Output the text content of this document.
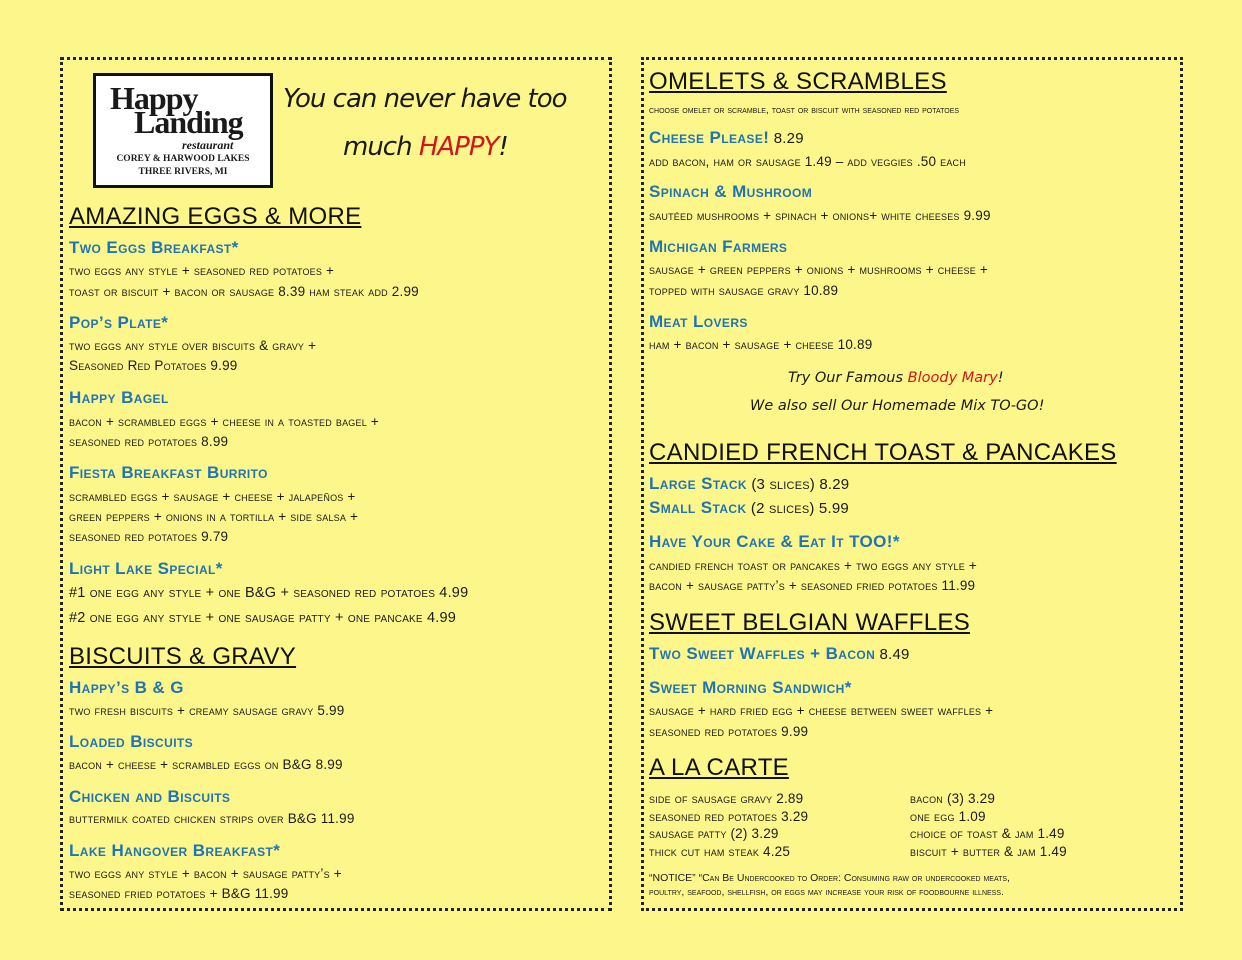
Happy
Landing
restaurant
COREY & HARWOOD LAKES
THREE RIVERS, MI
You can never have too
much HAPPY!
AMAZING EGGS & MORE
Two Eggs Breakfast*
two eggs any style + seasoned red potatoes +
toast or biscuit + bacon or sausage 8.39 ham steak add 2.99
Pop’s Plate*
two eggs any style over biscuits & gravy +
Seasoned Red Potatoes 9.99
Happy Bagel
bacon + scrambled eggs + cheese in a toasted bagel +
seasoned red potatoes 8.99
Fiesta Breakfast Burrito
scrambled eggs + sausage + cheese + jalapeños +
green peppers + onions in a tortilla + side salsa +
seasoned red potatoes 9.79
Light Lake Special*
#1 one egg any style + one B&G + seasoned red potatoes 4.99
#2 one egg any style + one sausage patty + one pancake 4.99
BISCUITS & GRAVY
Happy’s B & G
two fresh biscuits + creamy sausage gravy 5.99
Loaded Biscuits
bacon + cheese + scrambled eggs on B&G 8.99
Chicken and Biscuits
buttermilk coated chicken strips over B&G 11.99
Lake Hangover Breakfast*
two eggs any style + bacon + sausage patty’s +
seasoned fried potatoes + B&G 11.99
OMELETS & SCRAMBLES
choose omelet or scramble, toast or biscuit with seasoned red potatoes
Cheese Please! 8.29
add bacon, ham or sausage 1.49 – add veggies .50 each
Spinach & Mushroom
sautéed mushrooms + spinach + onions+ white cheeses 9.99
Michigan Farmers
sausage + green peppers + onions + mushrooms + cheese +
topped with sausage gravy 10.89
Meat Lovers
ham + bacon + sausage + cheese 10.89
Try Our Famous Bloody Mary!
We also sell Our Homemade Mix TO-GO!
CANDIED FRENCH TOAST & PANCAKES
Large Stack (3 slices) 8.29
Small Stack (2 slices) 5.99
Have Your Cake & Eat It TOO!*
candied french toast or pancakes + two eggs any style +
bacon + sausage patty’s + seasoned fried potatoes 11.99
SWEET BELGIAN WAFFLES
Two Sweet Waffles + Bacon 8.49
Sweet Morning Sandwich*
sausage + hard fried egg + cheese between sweet waffles +
seasoned red potatoes 9.99
A LA CARTE
side of sausage gravy 2.89
seasoned red potatoes 3.29
sausage patty (2) 3.29
thick cut ham steak 4.25
bacon (3) 3.29
one egg 1.09
choice of toast & jam 1.49
biscuit + butter & jam 1.49
“NOTICE” “Can Be Undercooked to Order: Consuming raw or undercooked meats,
poultry, seafood, shellfish, or eggs may increase your risk of foodbourne illness.
